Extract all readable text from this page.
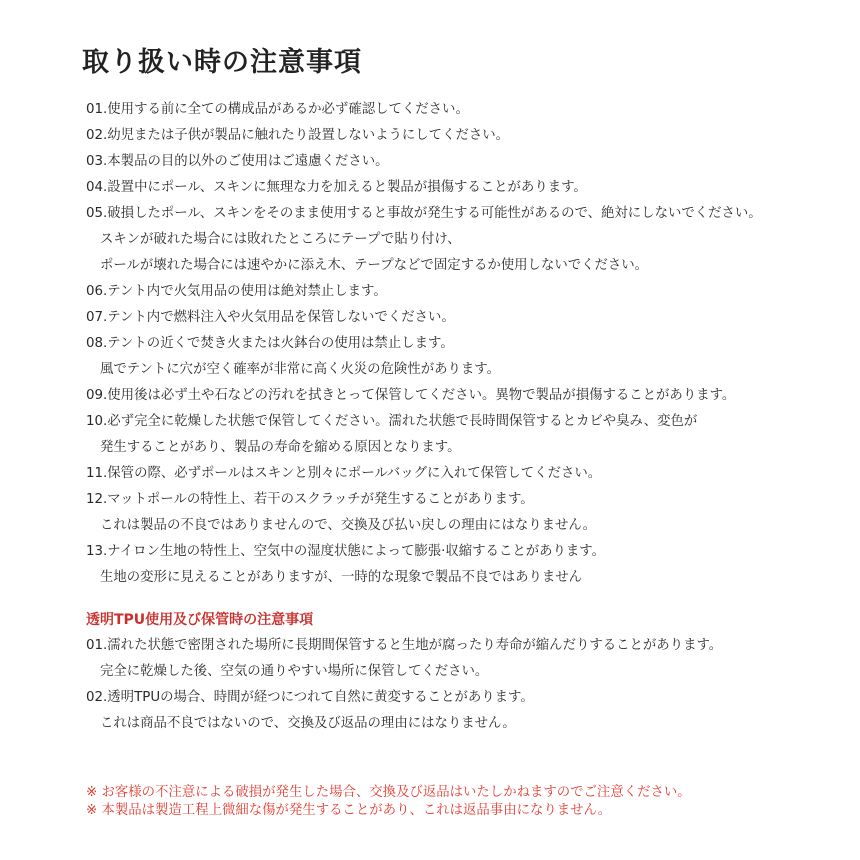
取り扱い時の注意事項
01.使用する前に全ての構成品があるか必ず確認してください。
02.幼児または子供が製品に触れたり設置しないようにしてください。
03.本製品の目的以外のご使用はご遠慮ください。
04.設置中にポール、スキンに無理な力を加えると製品が損傷することがあります。
05.破損したポール、スキンをそのまま使用すると事故が発生する可能性があるので、絶対にしないでください。
スキンが破れた場合には敗れたところにテープで貼り付け、
ポールが壊れた場合には速やかに添え木、テープなどで固定するか使用しないでください。
06.テント内で火気用品の使用は絶対禁止します。
07.テント内で燃料注入や火気用品を保管しないでください。
08.テントの近くで焚き火または火鉢台の使用は禁止します。
風でテントに穴が空く確率が非常に高く火災の危険性があります。
09.使用後は必ず土や石などの汚れを拭きとって保管してください。異物で製品が損傷することがあります。
10.必ず完全に乾燥した状態で保管してください。濡れた状態で長時間保管するとカビや臭み、変色が
発生することがあり、製品の寿命を縮める原因となります。
11.保管の際、必ずポールはスキンと別々にポールバッグに入れて保管してください。
12.マットポールの特性上、若干のスクラッチが発生することがあります。
これは製品の不良ではありませんので、交換及び払い戻しの理由にはなりません。
13.ナイロン生地の特性上、空気中の湿度状態によって膨張·収縮することがあります。
生地の変形に見えることがありますが、一時的な現象で製品不良ではありません
透明TPU使用及び保管時の注意事項
01.濡れた状態で密閉された場所に長期間保管すると生地が腐ったり寿命が縮んだりすることがあります。
完全に乾燥した後、空気の通りやすい場所に保管してください。
02.透明TPUの場合、時間が経つにつれて自然に黄変することがあります。
これは商品不良ではないので、交換及び返品の理由にはなりません。
※ お客様の不注意による破損が発生した場合、交換及び返品はいたしかねますのでご注意ください。
※ 本製品は製造工程上微細な傷が発生することがあり、これは返品事由になりません。
